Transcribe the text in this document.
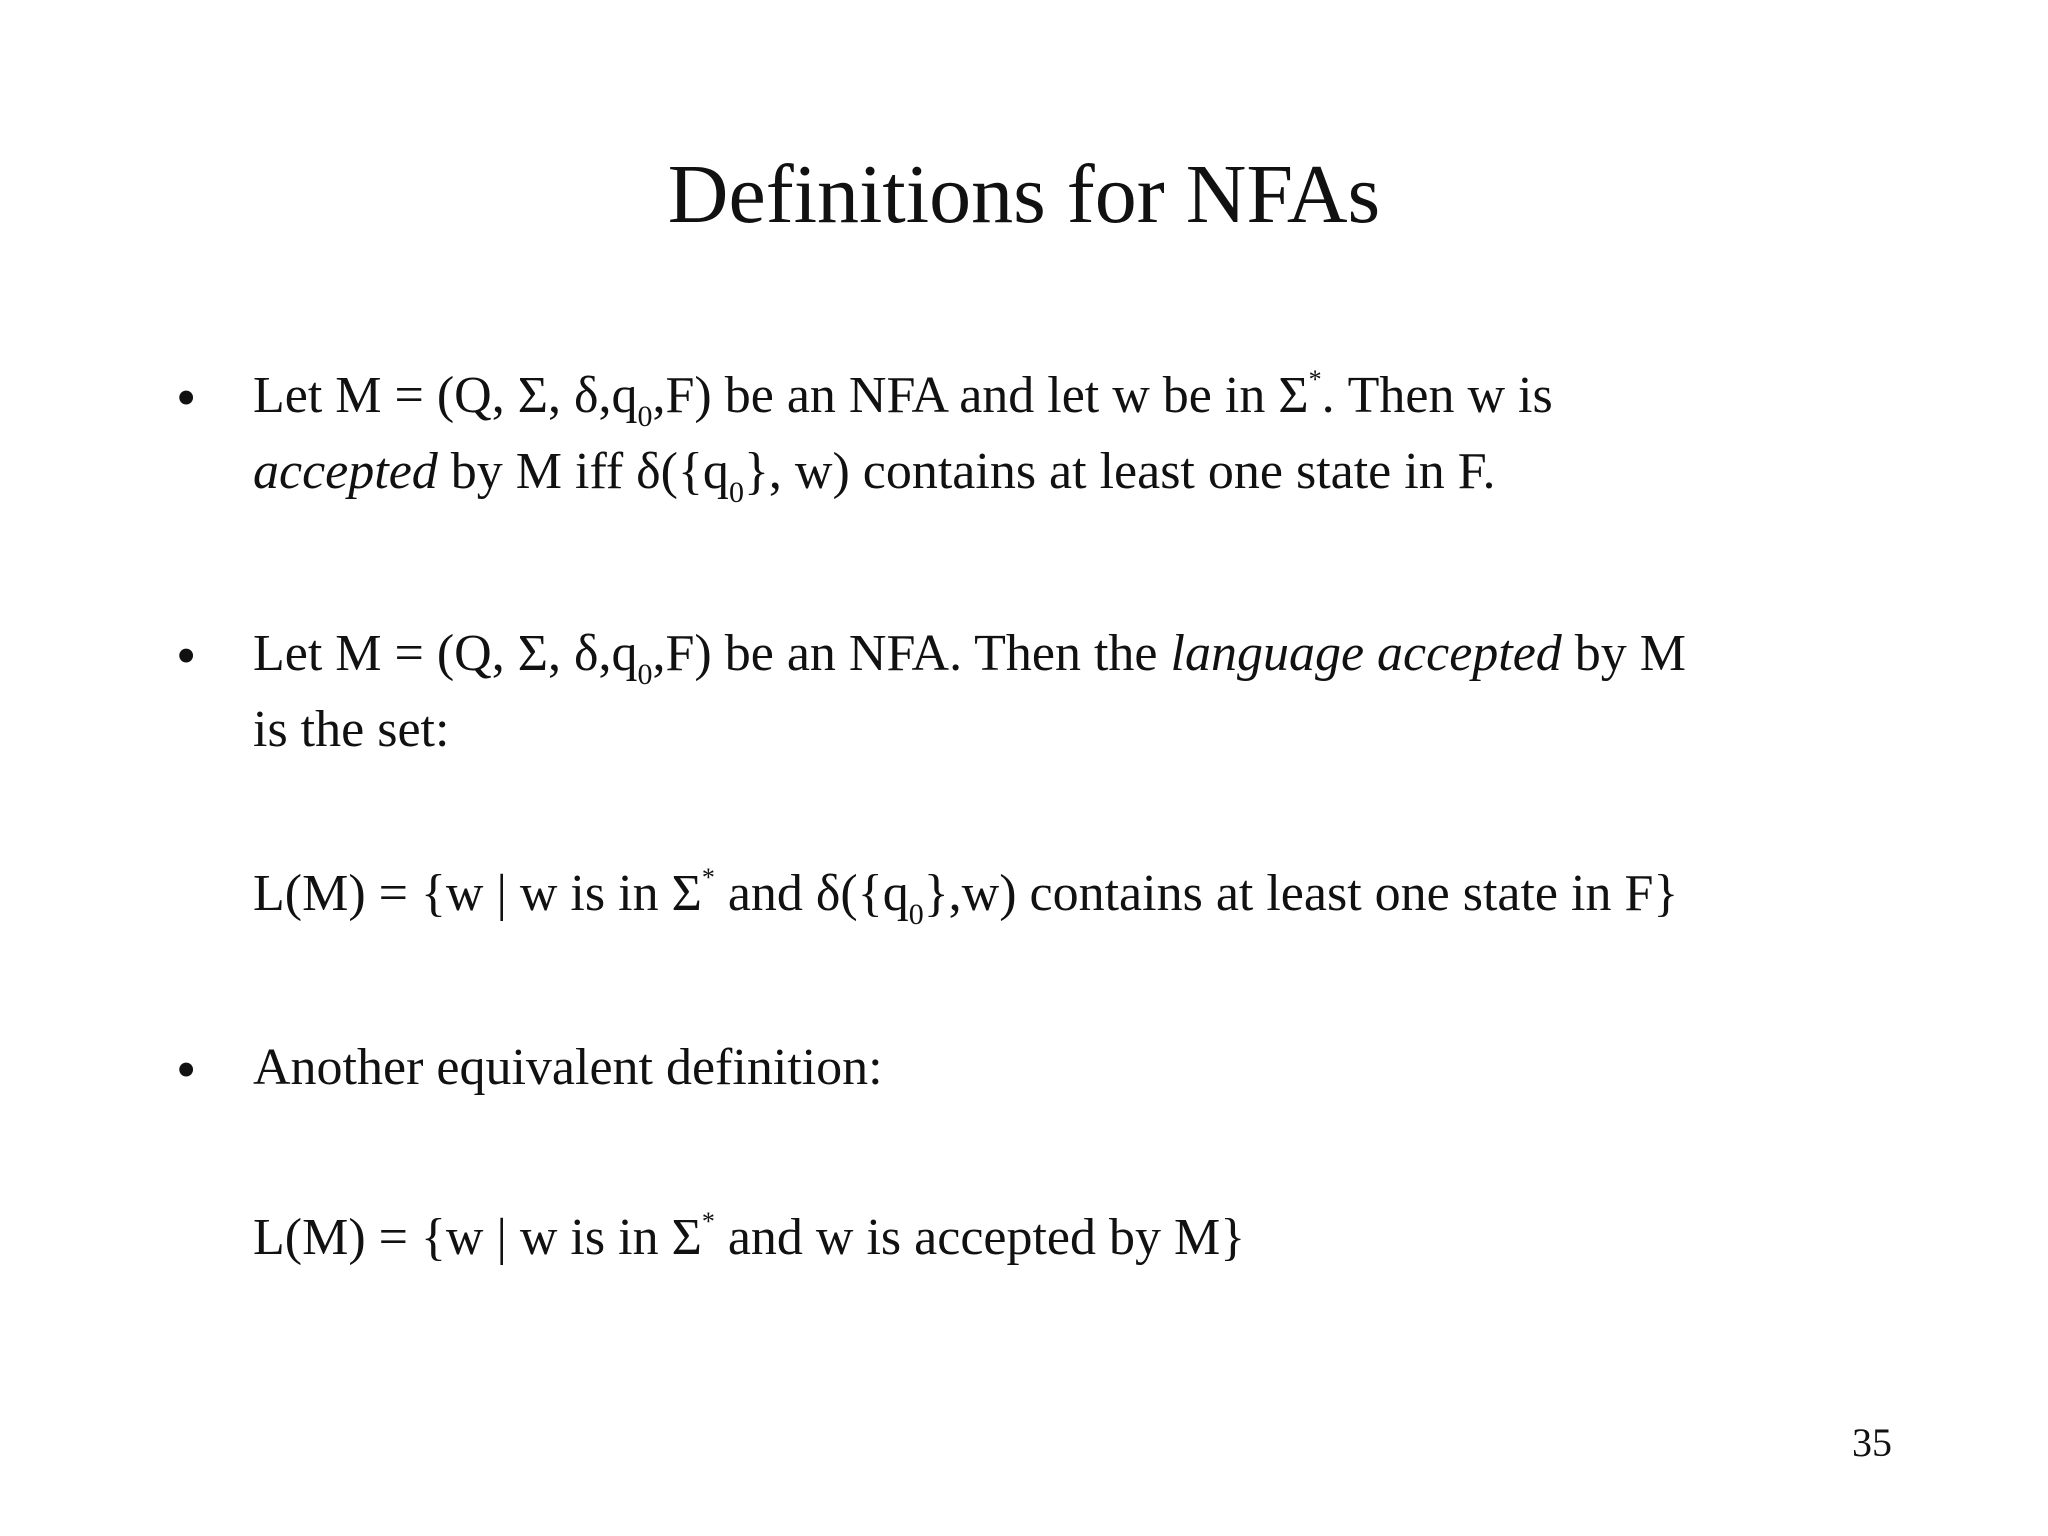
Definitions for NFAs
• Let M = (Q, Σ, $\delta,q_0,F$) be an NFA and let w be in Σ*. Then w is
accepted by M iff $\delta(\{q_0\}$, w) contains at least one state in F.
• Let M = (Q, Σ, $\delta,q_0,F$) be an NFA. Then the language accepted by M
is the set:
L(M) = {w | w is in Σ* and $\delta(\{q_0\},w)$ contains at least one state in F}
• Another equivalent definition:
L(M) = {w | w is in Σ* and w is accepted by M}
35
